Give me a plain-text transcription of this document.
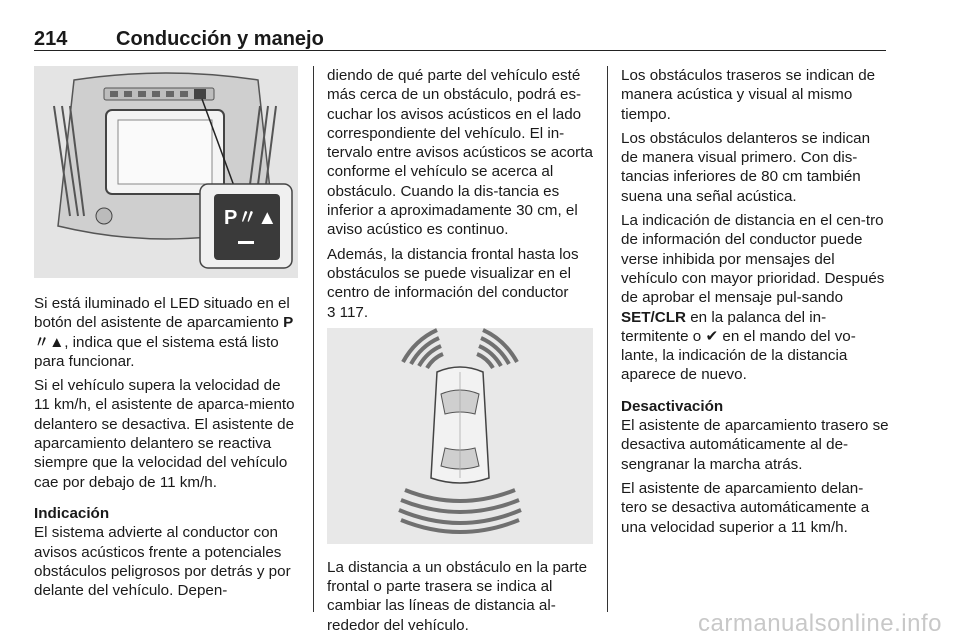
214 Conducción y manejo
P〃▲

Si está iluminado el LED situado en el botón del asistente de aparcamiento P〃▲, indica que el sistema está listo para funcionar.

Si el vehículo supera la velocidad de 11 km/h, el asistente de aparca-miento delantero se desactiva. El asistente de aparcamiento delantero se reactiva siempre que la velocidad del vehículo cae por debajo de 11 km/h.

Indicación

El sistema advierte al conductor con avisos acústicos frente a potenciales obstáculos peligrosos por detrás y por delante del vehículo. Depen-

diendo de qué parte del vehículo esté más cerca de un obstáculo, podrá es-cuchar los avisos acústicos en el lado correspondiente del vehículo. El in-tervalo entre avisos acústicos se acorta conforme el vehículo se acerca al obstáculo. Cuando la dis-tancia es inferior a aproximadamente 30 cm, el aviso acústico es continuo.

Además, la distancia frontal hasta los obstáculos se puede visualizar en el centro de información del conductor
3 117.

La distancia a un obstáculo en la parte frontal o parte trasera se indica al cambiar las líneas de distancia al-rededor del vehículo.

Los obstáculos traseros se indican de manera acústica y visual al mismo tiempo.

Los obstáculos delanteros se indican de manera visual primero. Con dis-tancias inferiores de 80 cm también suena una señal acústica.

La indicación de distancia en el cen-tro de información del conductor puede verse inhibida por mensajes del vehículo con mayor prioridad. Después de aprobar el mensaje pul-sando SET/CLR en la palanca del in-termitente o ✔ en el mando del vo-lante, la indicación de la distancia aparece de nuevo.

Desactivación

El asistente de aparcamiento trasero se desactiva automáticamente al de-sengranar la marcha atrás.

El asistente de aparcamiento delan-tero se desactiva automáticamente a una velocidad superior a 11 km/h.

carmanualsonline.info
